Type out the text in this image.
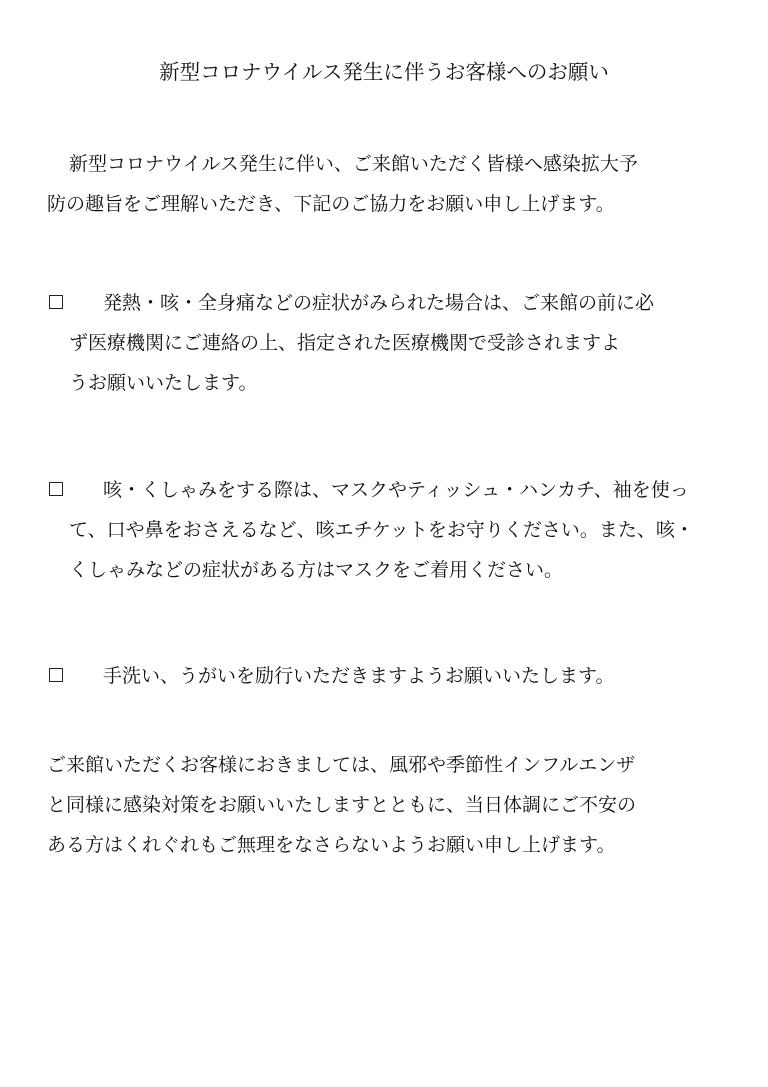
新型コロナウイルス発生に伴うお客様へのお願い
新型コロナウイルス発生に伴い、ご来館いただく皆様へ感染拡大予
防の趣旨をご理解いただき、下記のご協力をお願い申し上げます。
発熱・咳・全身痛などの症状がみられた場合は、ご来館の前に必
ず医療機関にご連絡の上、指定された医療機関で受診されますよ
うお願いいたします。
咳・くしゃみをする際は、マスクやティッシュ・ハンカチ、袖を使っ
て、口や鼻をおさえるなど、咳エチケットをお守りください。また、咳・
くしゃみなどの症状がある方はマスクをご着用ください。
手洗い、うがいを励行いただきますようお願いいたします。
ご来館いただくお客様におきましては、風邪や季節性インフルエンザ
と同様に感染対策をお願いいたしますとともに、当日体調にご不安の
ある方はくれぐれもご無理をなさらないようお願い申し上げます。
